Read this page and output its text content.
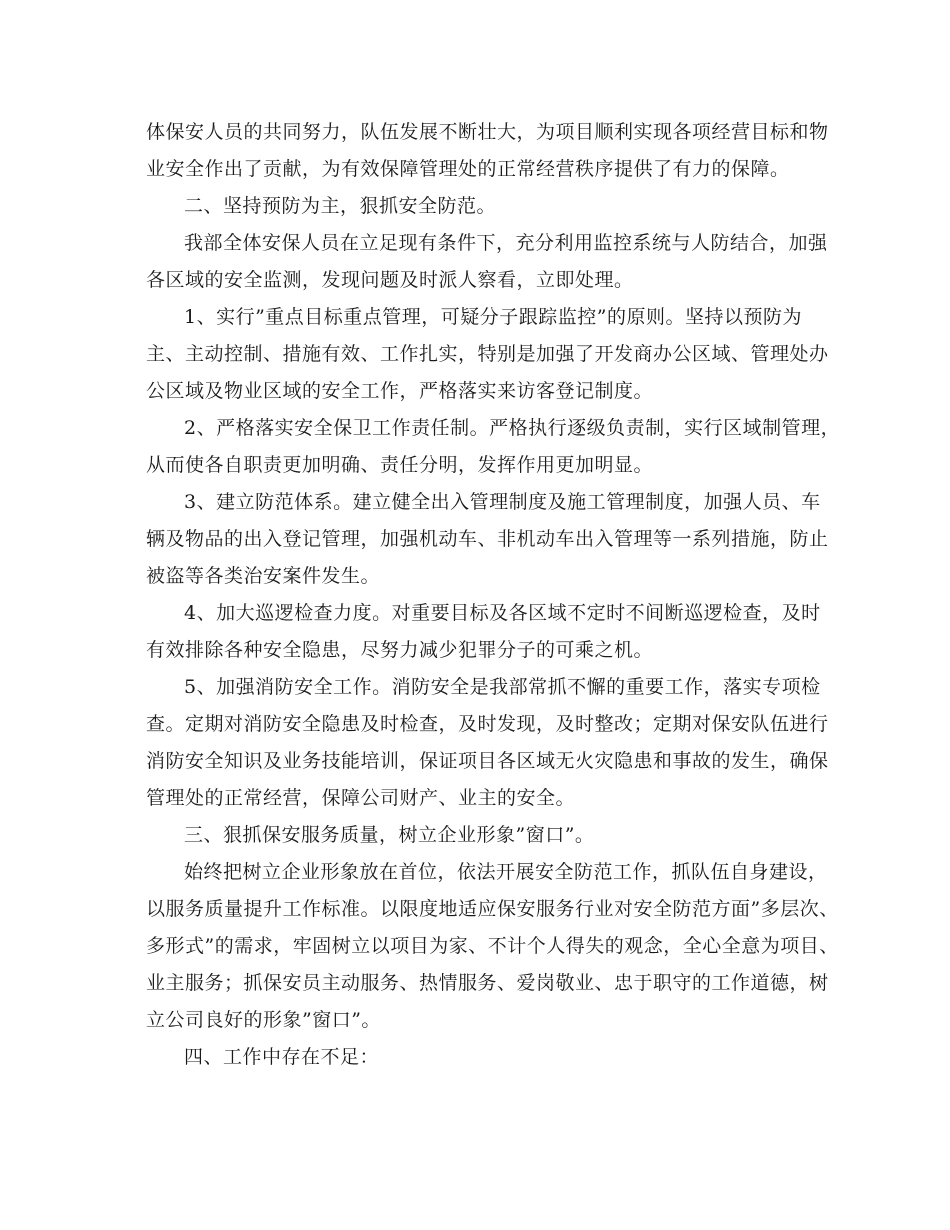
体保安人员的共同努力，队伍发展不断壮大，为项目顺利实现各项经营目标和物
业安全作出了贡献，为有效保障管理处的正常经营秩序提供了有力的保障。
二、坚持预防为主，狠抓安全防范。
我部全体安保人员在立足现有条件下，充分利用监控系统与人防结合，加强
各区域的安全监测，发现问题及时派人察看，立即处理。
1、实行”重点目标重点管理，可疑分子跟踪监控”的原则。坚持以预防为
主、主动控制、措施有效、工作扎实，特别是加强了开发商办公区域、管理处办
公区域及物业区域的安全工作，严格落实来访客登记制度。
2、严格落实安全保卫工作责任制。严格执行逐级负责制，实行区域制管理，
从而使各自职责更加明确、责任分明，发挥作用更加明显。
3、建立防范体系。建立健全出入管理制度及施工管理制度，加强人员、车
辆及物品的出入登记管理，加强机动车、非机动车出入管理等一系列措施，防止
被盗等各类治安案件发生。
4、加大巡逻检查力度。对重要目标及各区域不定时不间断巡逻检查，及时
有效排除各种安全隐患，尽努力减少犯罪分子的可乘之机。
5、加强消防安全工作。消防安全是我部常抓不懈的重要工作，落实专项检
查。定期对消防安全隐患及时检查，及时发现，及时整改；定期对保安队伍进行
消防安全知识及业务技能培训，保证项目各区域无火灾隐患和事故的发生，确保
管理处的正常经营，保障公司财产、业主的安全。
三、狠抓保安服务质量，树立企业形象”窗口”。
始终把树立企业形象放在首位，依法开展安全防范工作，抓队伍自身建设，
以服务质量提升工作标准。以限度地适应保安服务行业对安全防范方面”多层次、
多形式”的需求，牢固树立以项目为家、不计个人得失的观念，全心全意为项目、
业主服务；抓保安员主动服务、热情服务、爱岗敬业、忠于职守的工作道德，树
立公司良好的形象”窗口”。
四、工作中存在不足：
